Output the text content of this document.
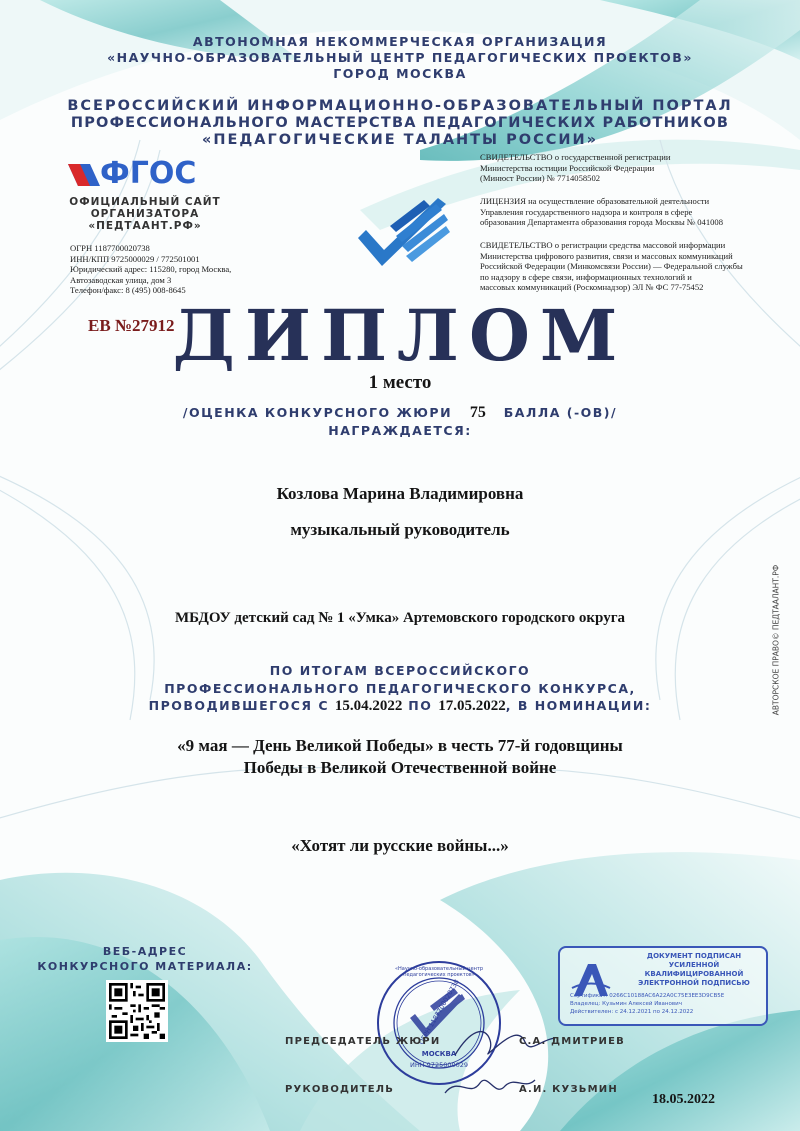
АВТОНОМНАЯ НЕКОММЕРЧЕСКАЯ ОРГАНИЗАЦИЯ
«НАУЧНО-ОБРАЗОВАТЕЛЬНЫЙ ЦЕНТР ПЕДАГОГИЧЕСКИХ ПРОЕКТОВ»
ГОРОД МОСКВА
ВСЕРОССИЙСКИЙ ИНФОРМАЦИОННО-ОБРАЗОВАТЕЛЬНЫЙ ПОРТАЛ
ПРОФЕССИОНАЛЬНОГО МАСТЕРСТВА ПЕДАГОГИЧЕСКИХ РАБОТНИКОВ
«ПЕДАГОГИЧЕСКИЕ ТАЛАНТЫ РОССИИ»
ФГОС
ОФИЦИАЛЬНЫЙ САЙТ
ОРГАНИЗАТОРА
«ПЕДТААНТ.РФ»
ОГРН 1187700020738
ИНН/КПП 9725000029 / 772501001
Юридический адрес: 115280, город Москва,
Автозаводская улица, дом 3
Телефон/факс: 8 (495) 008-8645
СВИДЕТЕЛЬСТВО о государственной регистрации
Министерства юстиции Российской Федерации
(Минюст России) № 7714058502
ЛИЦЕНЗИЯ на осуществление образовательной деятельности
Управления государственного надзора и контроля в сфере
образования Департамента образования города Москвы № 041008
СВИДЕТЕЛЬСТВО о регистрации средства массовой информации
Министерства цифрового развития, связи и массовых коммуникаций
Российской Федерации (Минкомсвязи России) — Федеральной службы
по надзору в сфере связи, информационных технологий и
массовых коммуникаций (Роскомнадзор) ЭЛ № ФС 77-75452
ЕВ №27912
ДИПЛОМ
1 место
/ОЦЕНКА КОНКУРСНОГО ЖЮРИ 75 БАЛЛА (-ОВ)/
НАГРАЖДАЕТСЯ:
Козлова Марина Владимировна
музыкальный руководитель
МБДОУ детский сад № 1 «Умка» Артемовского городского округа
ПО ИТОГАМ ВСЕРОССИЙСКОГО
ПРОФЕССИОНАЛЬНОГО ПЕДАГОГИЧЕСКОГО КОНКУРСА,
ПРОВОДИВШЕГОСЯ С 15.04.2022 ПО 17.05.2022, В НОМИНАЦИИ:
«9 мая — День Великой Победы» в честь 77-й годовщины
Победы в Великой Отечественной войне
«Хотят ли русские войны...»
АВТОРСКОЕ ПРАВО© ПЕДТААЛАНТ.РФ
ВЕБ-АДРЕС
КОНКУРСНОГО МАТЕРИАЛА:
ОГРН 1187700020738
МОСКВА
ИНН 9725000029
«Научно-образовательный центр педагогических проектов»
ДОКУМЕНТ ПОДПИСАН
УСИЛЕННОЙ КВАЛИФИЦИРОВАННОЙ
ЭЛЕКТРОННОЙ ПОДПИСЬЮ
Сертификат: 0266C10188AC6A22A0C75E3EE3D9CB5E
Владелец: Кузьмин Алексей Иванович
Действителен: с 24.12.2021 по 24.12.2022
ПРЕДСЕДАТЕЛЬ ЖЮРИ	С.А. ДМИТРИЕВ
РУКОВОДИТЕЛЬ	А.И. КУЗЬМИН
18.05.2022
